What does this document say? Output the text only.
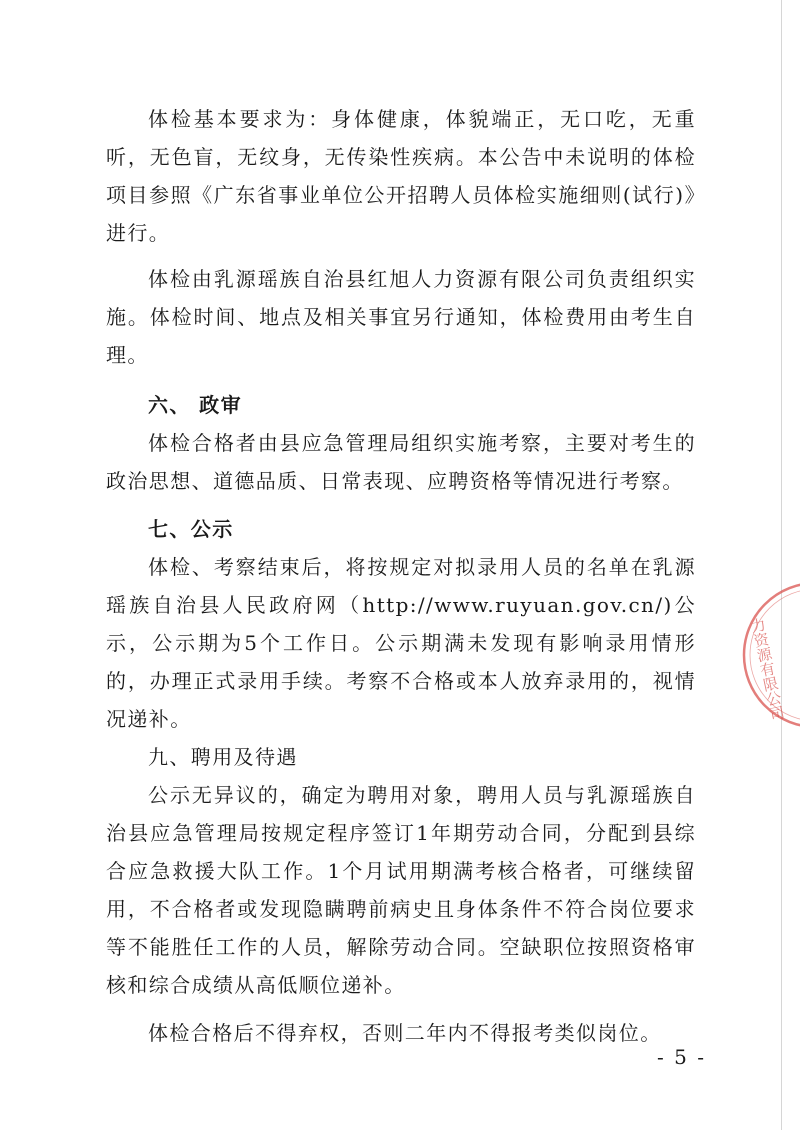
体检基本要求为：身体健康，体貌端正，无口吃，无重听，无色盲，无纹身，无传染性疾病。本公告中未说明的体检项目参照《广东省事业单位公开招聘人员体检实施细则(试行)》进行。

体检由乳源瑶族自治县红旭人力资源有限公司负责组织实施。体检时间、地点及相关事宜另行通知，体检费用由考生自理。

六、 政审

体检合格者由县应急管理局组织实施考察，主要对考生的政治思想、道德品质、日常表现、应聘资格等情况进行考察。

七、公示

体检、考察结束后，将按规定对拟录用人员的名单在乳源瑶族自治县人民政府网（http://www.ruyuan.gov.cn/)公示，公示期为5个工作日。公示期满未发现有影响录用情形的，办理正式录用手续。考察不合格或本人放弃录用的，视情况递补。

九、聘用及待遇

公示无异议的，确定为聘用对象，聘用人员与乳源瑶族自治县应急管理局按规定程序签订1年期劳动合同，分配到县综合应急救援大队工作。1个月试用期满考核合格者，可继续留用，不合格者或发现隐瞒聘前病史且身体条件不符合岗位要求等不能胜任工作的人员，解除劳动合同。空缺职位按照资格审核和综合成绩从高低顺位递补。

体检合格后不得弃权，否则二年内不得报考类似岗位。

- 5 -
力资源有限公司
